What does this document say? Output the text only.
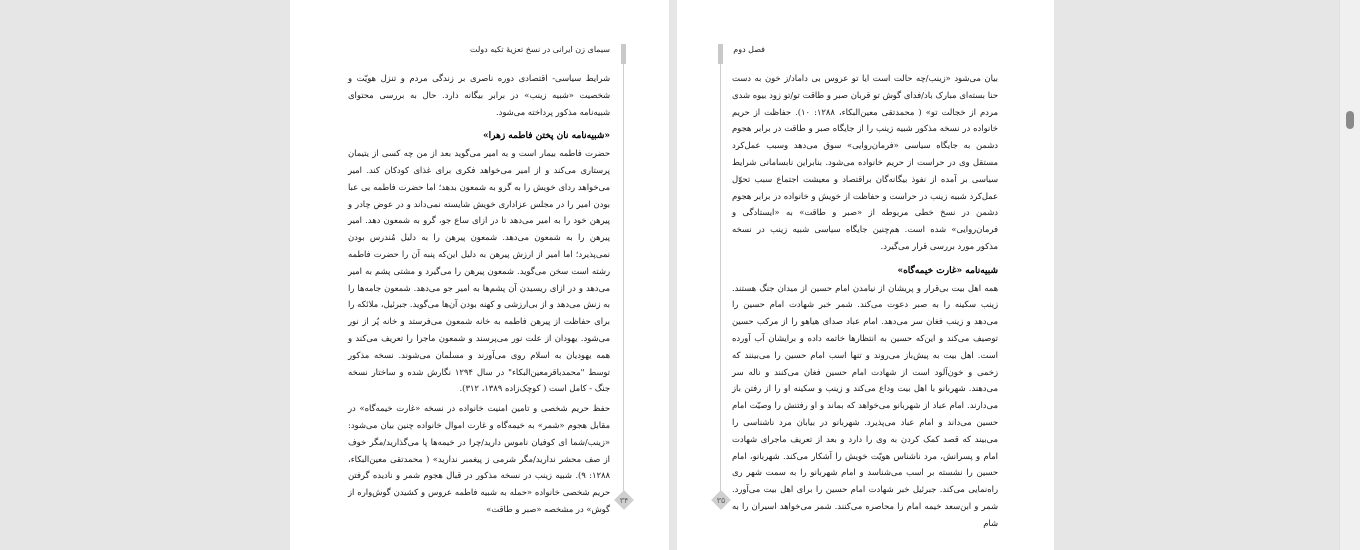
سیمای زن ایرانی در نسخ تعزیهٔ تکیه دولت

شرایط سیاسی- اقتصادی دوره ناصری بر زندگی مردم و تنزل هویّت و شخصیت «شبیه زینب» در برابر بیگانه دارد. حال به بررسی محتوای شبیه‌نامه مذکور پرداخته می‌شود.

«شبیه‌نامه نان پختن فاطمه زهرا»

حضرت فاطمه بیمار است و به امیر می‌گوید بعد از من چه کسی از یتیمان پرستاری می‌کند و از امیر می‌خواهد فکری برای غذای کودکان کند. امیر می‌خواهد ردای خویش را به گرو به شمعون بدهد؛ اما حضرت فاطمه بی عبا بودن امیر را در مجلس عزاداری خویش شایسته نمی‌داند و در عوض چادر و پیرهن خود را به امیر می‌دهد تا در ازای ساع جو، گرو به شمعون دهد. امیر پیرهن را به شمعون می‌دهد. شمعون پیرهن را به دلیل مُندرس بودن نمی‌پذیرد؛ اما امیر از ارزش پیرهن به دلیل این‌که پنبه آن را حضرت فاطمه رشته است سخن می‌گوید. شمعون پیرهن را می‌گیرد و مشتی پشم به امیر می‌دهد و در ازای ریسیدن آن پشم‌ها به امیر جو می‌دهد. شمعون جامه‌ها را به زنش می‌دهد و از بی‌ارزشی و کهنه بودن آن‌ها می‌گوید. جبرئیل، ملائکه را برای حفاظت از پیرهن فاطمه به خانه شمعون می‌فرستد و خانه پُر از نور می‌شود. یهودان از علت نور می‌پرسند و شمعون ماجرا را تعریف می‌کند و همه یهودیان به اسلام روی می‌آورند و مسلمان می‌شوند. نسخه مذکور توسط "محمدباقرمعین‌البکاء" در سال ۱۲۹۴ نگارش شده و ساختار نسخه جنگ - کامل است ( کوچک‌زاده ۱۳۸۹، ۳۱۲).

حفظ حریم شخصی و تامین امنیت خانواده در نسخه «غارت خیمه‌گاه» در مقابل هجوم «شمر» به خیمه‌گاه و غارت اموال خانواده چنین بیان می‌شود: «زینب/شما ای کوفیان ناموس دارید/چرا در خیمه‌ها پا می‌گذارید/مگر خوف از صف محشر ندارید/مگر شرمی ز پیغمبر ندارید» ( محمدتقی معین‌البکاء، ۱۲۸۸: ۹). شبیه زینب در نسخه مذکور در قبال هجوم شمر و نادیده گرفتن حریم شخصی خانواده «حمله به شبیه فاطمه عروس و کشیدن گوش‌واره از گوش» در مشخصه «صبر و طاقت»

۳۴
فصل دوم

بیان می‌شود «زینب/چه حالت است ایا تو عروس بی داماد/ز خون به دست حنا بسته‌ای مبارک باد/فدای گوش تو قربان صبر و طاقت تو/تو زود بیوه شدی مردم از خجالت تو» ( محمدتقی معین‌البکاء، ۱۲۸۸: ۱۰). حفاظت از حریم خانواده در نسخه مذکور شبیه زینب را از جایگاه صبر و طاقت در برابر هجوم دشمن به جایگاه سیاسی «فرمان‌روایی» سوق می‌دهد وسبب عمل‌کرد مستقل وی در حراست از حریم خانواده می‌شود. بنابراین نابسامانی شرایط سیاسی بر آمده از نفوذ بیگانه‌گان براقتصاد و معیشت اجتماع سبب تحوّل عمل‌کرد شبیه زینب در حراست و حفاظت از خویش و خانواده در برابر هجوم دشمن در نسخ خطی مربوطه از «صبر و طاقت» به «ایستادگی و فرمان‌روایی» شده است. هم‌چنین جایگاه سیاسی شبیه زینب در نسخه مذکور مورد بررسی قرار می‌گیرد.

شبیه‌نامه «غارت خیمه‌گاه»

همه اهل بیت بی‌قرار و پریشان از نیامدن امام حسین از میدان جنگ هستند. زینب سکینه را به صبر دعوت می‌کند. شمر خبر شهادت امام حسین را می‌دهد و زینب فغان سر می‌دهد. امام عباد صدای هیاهو را از مرکب حسین توصیف می‌کند و این‌که حسین به انتظارها خاتمه داده و برایشان آب آورده است. اهل بیت به پیش‌باز می‌روند و تنها اسب امام حسین را می‌بینند که زخمی و خون‌آلود است از شهادت امام حسین فغان می‌کنند و ناله سر می‌دهند. شهربانو با اهل بیت وداع می‌کند و زینب و سکینه او را از رفتن باز می‌دارند. امام عباد از شهربانو می‌خواهد که بماند و او رفتنش را وصیّت امام حسین می‌داند و امام عباد می‌پذیرد. شهربانو در بیابان مرد ناشناسی را می‌بیند که قصد کمک کردن به وی را دارد و بعد از تعریف ماجرای شهادت امام و پسرانش، مرد ناشناس هویّت خویش را آشکار می‌کند. شهربانو، امام حسین را نشسته بر اسب می‌شناسد و امام شهربانو را به سمت شهر ری راه‌نمایی می‌کند. جبرئیل خبر شهادت امام حسین را برای اهل بیت می‌آورد. شمر و ابن‌سعد خیمه امام را محاصره می‌کنند. شمر می‌خواهد اسیران را به شام

۳۵
